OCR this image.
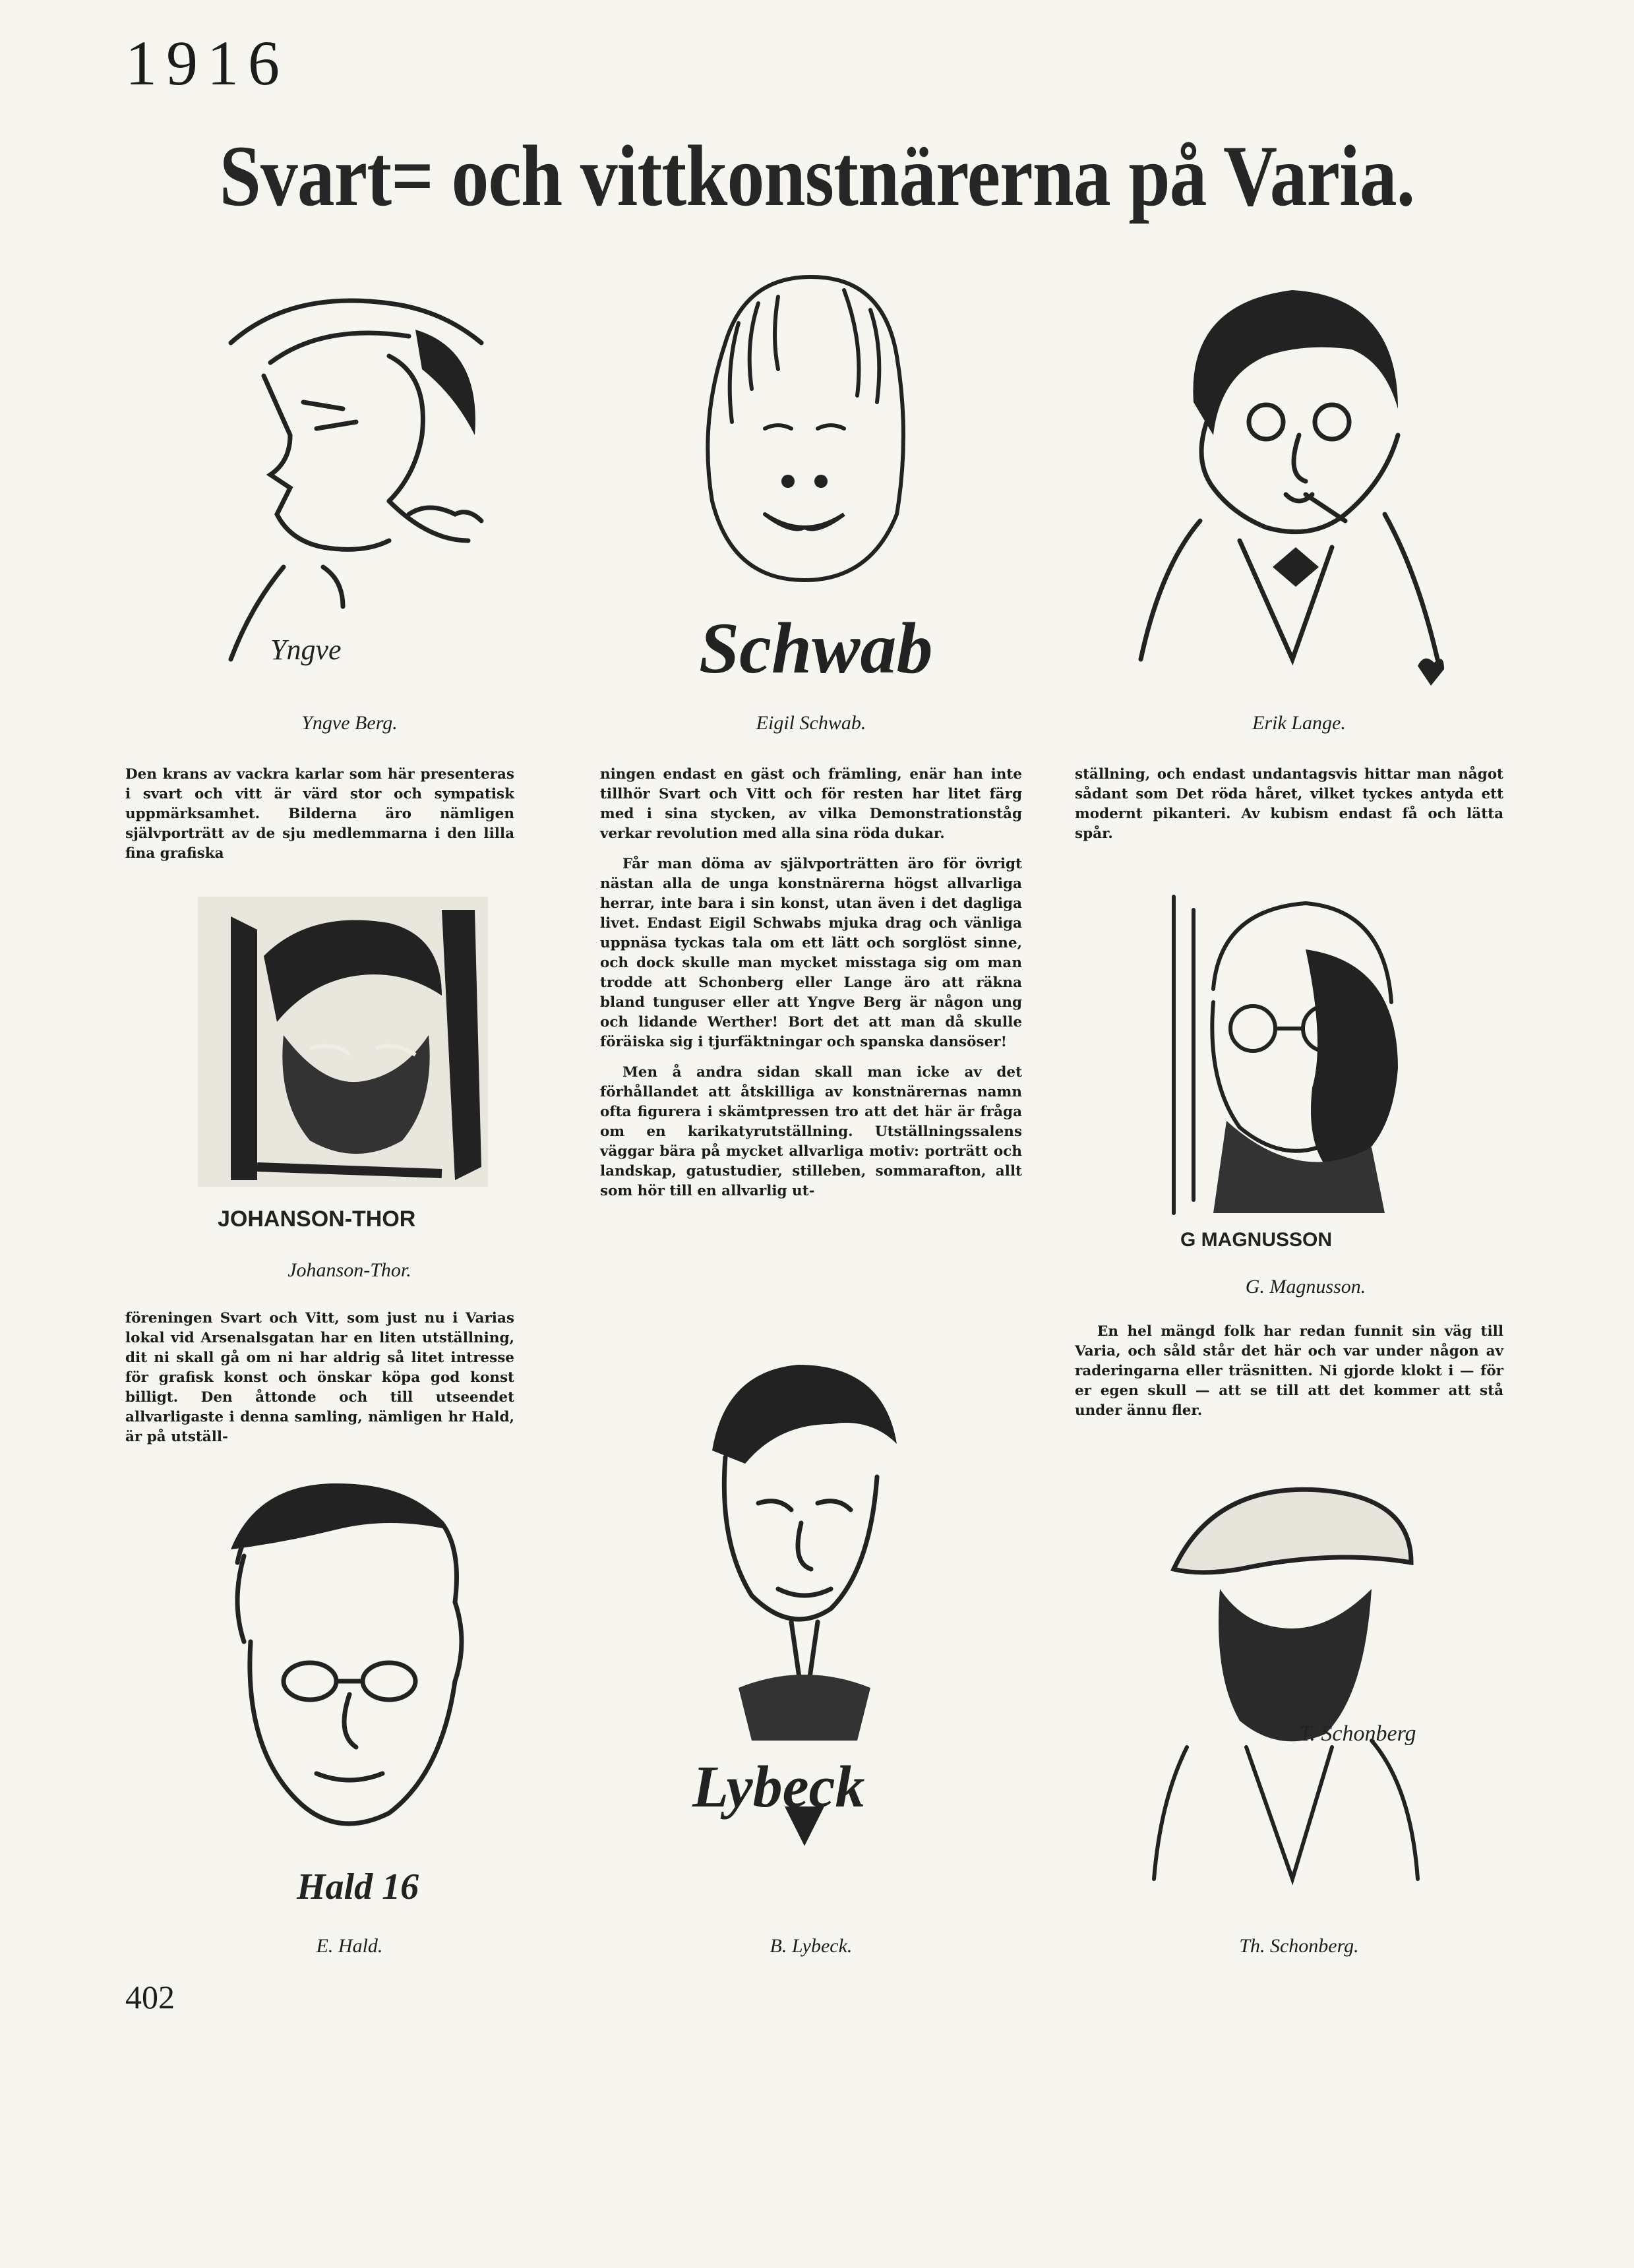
1916
Svart= och vittkonstnärerna på Varia.
Yngve
Yngve Berg.
Schwab
Eigil Schwab.	Erik Lange.

Den krans av vackra karlar som här presenteras i svart och vitt är värd stor och sympatisk uppmärksamhet. Bilderna äro nämligen självporträtt av de sju medlemmarna i den lilla fina grafiska

JOHANSON-THOR
Johanson-Thor.

föreningen Svart och Vitt, som just nu i Varias lokal vid Arsenalsgatan har en liten utställning, dit ni skall gå om ni har aldrig så litet intresse för grafisk konst och önskar köpa god konst billigt. Den åttonde och till utseendet allvarligaste i denna samling, nämligen hr Hald, är på utställ-

ningen endast en gäst och främling, enär han inte tillhör Svart och Vitt och för resten har litet färg med i sina stycken, av vilka Demonstrationståg verkar revolution med alla sina röda dukar.

Får man döma av självporträtten äro för övrigt nästan alla de unga konstnärerna högst allvarliga herrar, inte bara i sin konst, utan även i det dagliga livet. Endast Eigil Schwabs mjuka drag och vänliga uppnäsa tyckas tala om ett lätt och sorglöst sinne, och dock skulle man mycket misstaga sig om man trodde att Schonberg eller Lange äro att räkna bland tunguser eller att Yngve Berg är någon ung och lidande Werther! Bort det att man då skulle föräiska sig i tjurfäktningar och spanska dansöser!

Men å andra sidan skall man icke av det förhållandet att åtskilliga av konstnärernas namn ofta figurera i skämtpressen tro att det här är fråga om en karikatyrutställning. Utställningssalens väggar bära på mycket allvarliga motiv: porträtt och landskap, gatustudier, stilleben, sommarafton, allt som hör till en allvarlig ut-

ställning, och endast undantagsvis hittar man något sådant som Det röda håret, vilket tyckes antyda ett modernt pikanteri. Av kubism endast få och lätta spår.

G MAGNUSSON
G. Magnusson.

En hel mängd folk har redan funnit sin väg till Varia, och såld står det här och var under någon av raderingarna eller träsnitten. Ni gjorde klokt i — för er egen skull — att se till att det kommer att stå under ännu fler.

Hald 16
E. Hald.
Lybeck
B. Lybeck.
T. Schonberg
Th. Schonberg.
402
